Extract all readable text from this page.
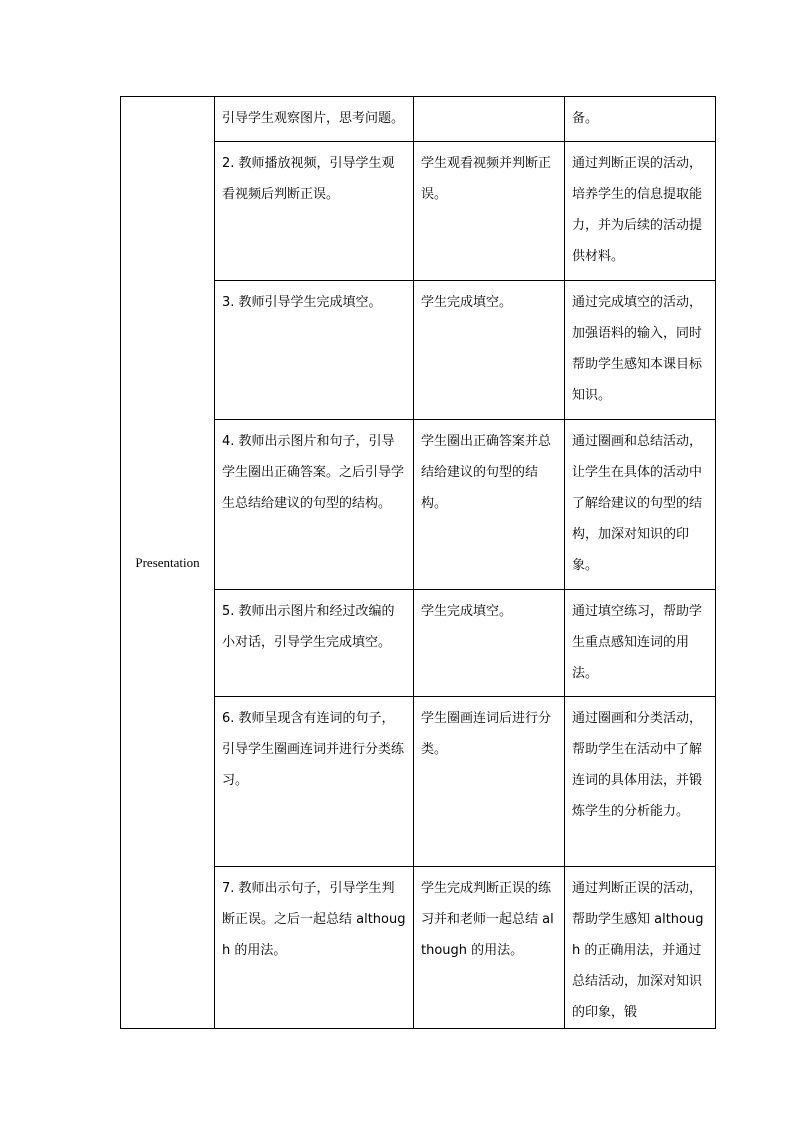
Presentation	引导学生观察图片，思考问题。		备。

	2. 教师播放视频，引导学生观看视频后判断正误。	学生观看视频并判断正误。	通过判断正误的活动，培养学生的信息提取能力，并为后续的活动提供材料。

	3. 教师引导学生完成填空。	学生完成填空。	通过完成填空的活动，加强语料的输入，同时帮助学生感知本课目标知识。

	4. 教师出示图片和句子，引导学生圈出正确答案。之后引导学生总结给建议的句型的结构。	学生圈出正确答案并总结给建议的句型的结构。	通过圈画和总结活动，让学生在具体的活动中了解给建议的句型的结构，加深对知识的印象。

	5. 教师出示图片和经过改编的小对话，引导学生完成填空。	学生完成填空。	通过填空练习，帮助学生重点感知连词的用法。

	6. 教师呈现含有连词的句子，引导学生圈画连词并进行分类练习。	学生圈画连词后进行分类。	通过圈画和分类活动，帮助学生在活动中了解连词的具体用法，并锻炼学生的分析能力。

	7. 教师出示句子，引导学生判断正误。之后一起总结 although 的用法。	学生完成判断正误的练习并和老师一起总结 although 的用法。	通过判断正误的活动，帮助学生感知 although 的正确用法，并通过总结活动，加深对知识的印象，锻
